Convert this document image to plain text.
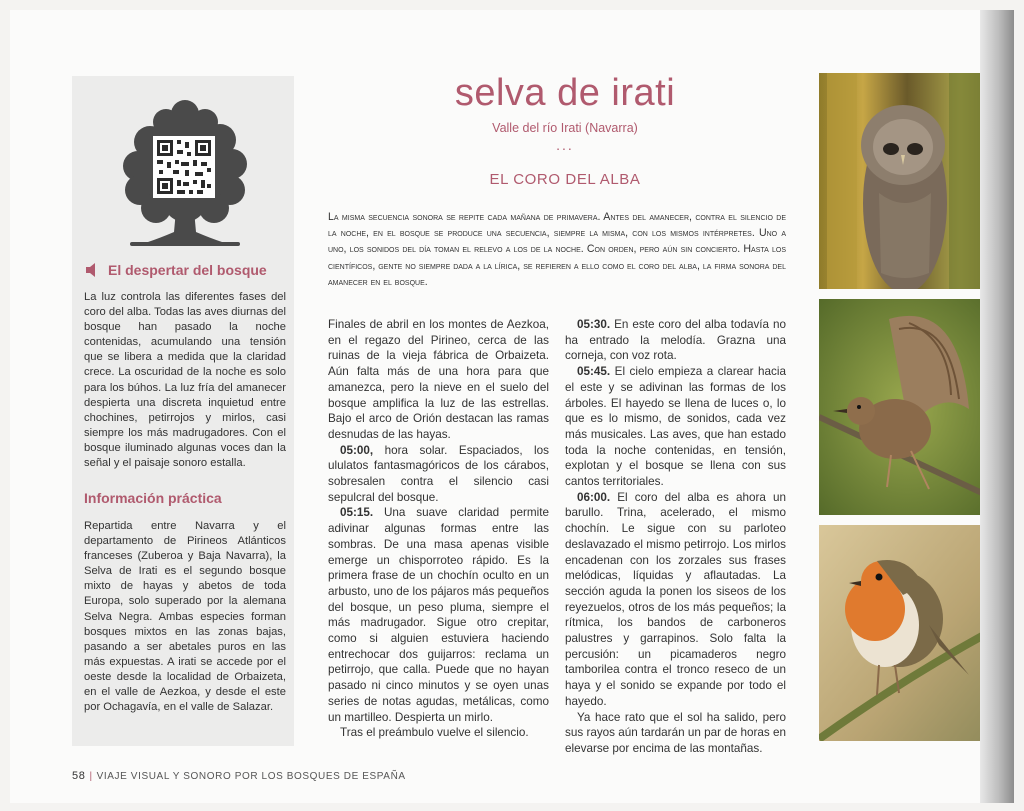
El despertar del bosque
La luz controla las diferentes fases del coro del alba. Todas las aves diurnas del bosque han pasado la noche contenidas, acumulando una tensión que se libera a medida que la claridad crece. La oscuridad de la noche es solo para los búhos. La luz fría del amanecer despierta una discreta inquietud entre chochines, petirrojos y mirlos, casi siempre los más madrugadores. Con el bosque iluminado algunas voces dan la señal y el paisaje sonoro estalla.
Información práctica
Repartida entre Navarra y el departamento de Pirineos Atlánticos franceses (Zuberoa y Baja Navarra), la Selva de Irati es el segundo bosque mixto de hayas y abetos de toda Europa, solo superado por la alemana Selva Negra. Ambas especies forman bosques mixtos en las zonas bajas, pasando a ser abetales puros en las más expuestas. A irati se accede por el oeste desde la localidad de Orbaizeta, en el valle de Aezkoa, y desde el este por Ochagavía, en el valle de Salazar.
selva de irati
Valle del río Irati (Navarra)
...
EL CORO DEL ALBA
La misma secuencia sonora se repite cada mañana de primavera. Antes del amanecer, contra el silencio de la noche, en el bosque se produce una secuencia, siempre la misma, con los mismos intérpretes. Uno a uno, los sonidos del día toman el relevo a los de la noche. Con orden, pero aún sin concierto. Hasta los científicos, gente no siempre dada a la lírica, se refieren a ello como el coro del alba, la firma sonora del amanecer en el bosque.

Finales de abril en los montes de Aezkoa, en el regazo del Pirineo, cerca de las ruinas de la vieja fábrica de Orbaizeta. Aún falta más de una hora para que amanezca, pero la nieve en el suelo del bosque amplifica la luz de las estrellas. Bajo el arco de Orión destacan las ramas desnudas de las hayas.

05:00, hora solar. Espaciados, los ululatos fantasmagóricos de los cárabos, sobresalen contra el silencio casi sepulcral del bosque.

05:15. Una suave claridad permite adivinar algunas formas entre las sombras. De una masa apenas visible emerge un chisporroteo rápido. Es la primera frase de un chochín oculto en un arbusto, uno de los pájaros más pequeños del bosque, un peso pluma, siempre el más madrugador. Sigue otro crepitar, como si alguien estuviera haciendo entrechocar dos guijarros: reclama un petirrojo, que calla. Puede que no hayan pasado ni cinco minutos y se oyen unas series de notas agudas, metálicas, como un martilleo. Despierta un mirlo.

Tras el preámbulo vuelve el silencio.

05:30. En este coro del alba todavía no ha entrado la melodía. Grazna una corneja, con voz rota.

05:45. El cielo empieza a clarear hacia el este y se adivinan las formas de los árboles. El hayedo se llena de luces o, lo que es lo mismo, de sonidos, cada vez más musicales. Las aves, que han estado toda la noche contenidas, en tensión, explotan y el bosque se llena con sus cantos territoriales.

06:00. El coro del alba es ahora un barullo. Trina, acelerado, el mismo chochín. Le sigue con su parloteo deslavazado el mismo petirrojo. Los mirlos encadenan con los zorzales sus frases melódicas, líquidas y aflautadas. La sección aguda la ponen los siseos de los reyezuelos, otros de los más pequeños; la rítmica, los bandos de carboneros palustres y garrapinos. Solo falta la percusión: un picamaderos negro tamborilea contra el tronco reseco de un haya y el sonido se expande por todo el hayedo.

Ya hace rato que el sol ha salido, pero sus rayos aún tardarán un par de horas en elevarse por encima de las montañas.

58 | VIAJE VISUAL Y SONORO POR LOS BOSQUES DE ESPAÑA
